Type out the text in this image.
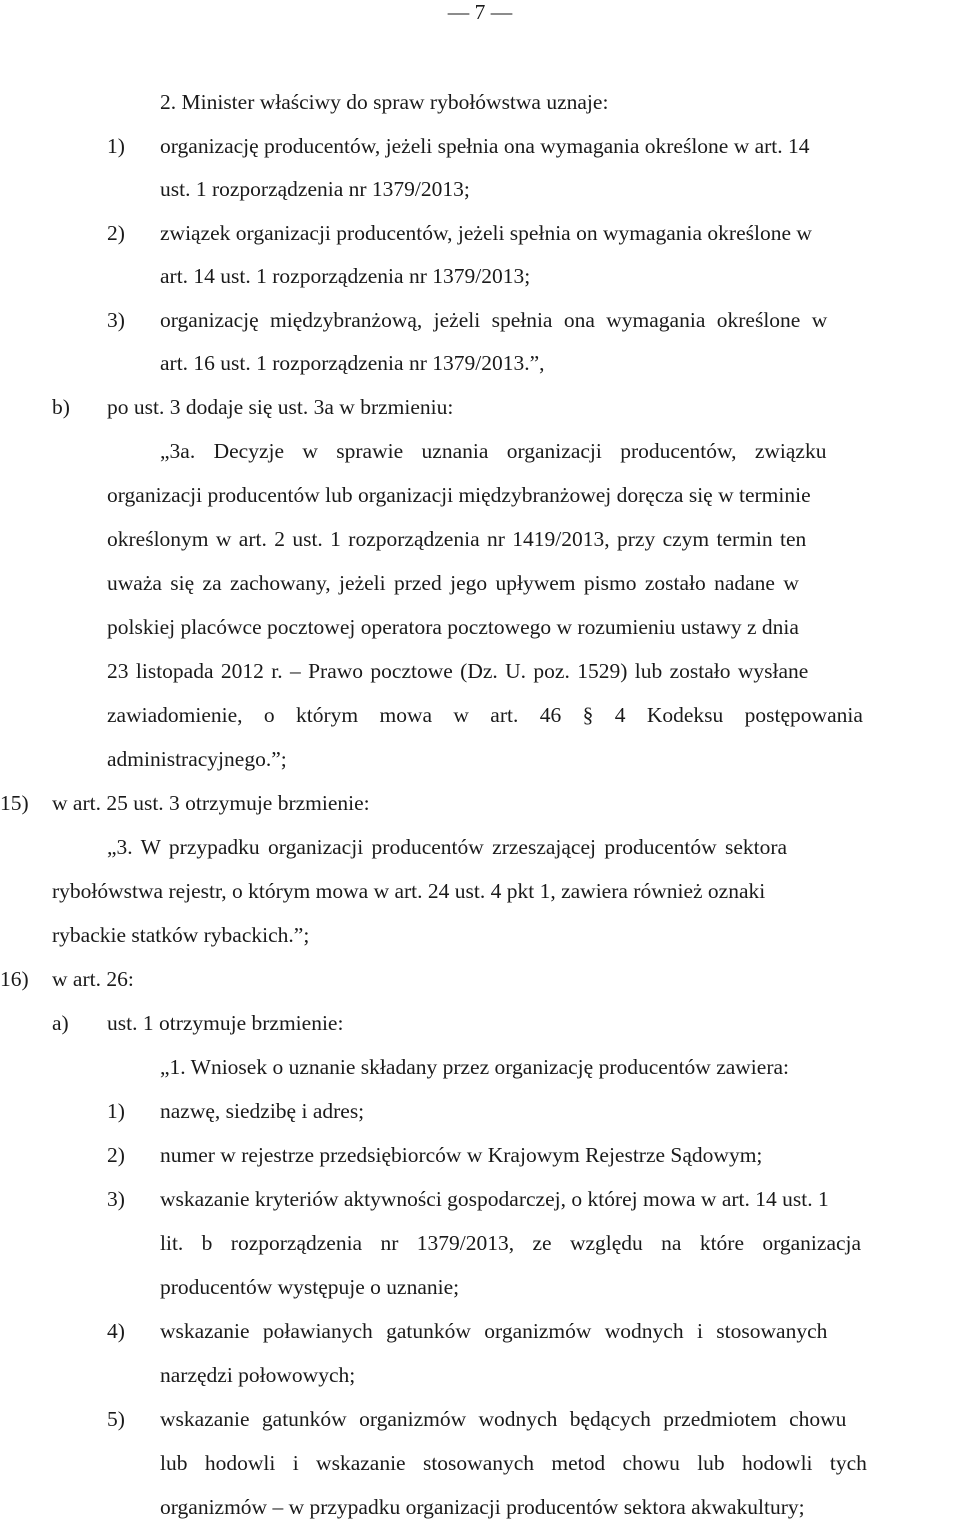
— 7 —
2. Minister właściwy do spraw rybołówstwa uznaje:
1) organizację producentów, jeżeli spełnia ona wymagania określone w art. 14
ust. 1 rozporządzenia nr 1379/2013;
2) związek organizacji producentów, jeżeli spełnia on wymagania określone w
art. 14 ust. 1 rozporządzenia nr 1379/2013;
3) organizację międzybranżową, jeżeli spełnia ona wymagania określone w
art. 16 ust. 1 rozporządzenia nr 1379/2013.”,
b) po ust. 3 dodaje się ust. 3a w brzmieniu:
„3a. Decyzje w sprawie uznania organizacji producentów, związku
organizacji producentów lub organizacji międzybranżowej doręcza się w terminie
określonym w art. 2 ust. 1 rozporządzenia nr 1419/2013, przy czym termin ten
uważa się za zachowany, jeżeli przed jego upływem pismo zostało nadane w
polskiej placówce pocztowej operatora pocztowego w rozumieniu ustawy z dnia
23 listopada 2012 r. – Prawo pocztowe (Dz. U. poz. 1529) lub zostało wysłane
zawiadomienie, o którym mowa w art. 46 § 4 Kodeksu postępowania
administracyjnego.”;
15) w art. 25 ust. 3 otrzymuje brzmienie:
„3. W przypadku organizacji producentów zrzeszającej producentów sektora
rybołówstwa rejestr, o którym mowa w art. 24 ust. 4 pkt 1, zawiera również oznaki
rybackie statków rybackich.”;
16) w art. 26:
a) ust. 1 otrzymuje brzmienie:
„1. Wniosek o uznanie składany przez organizację producentów zawiera:
1) nazwę, siedzibę i adres;
2) numer w rejestrze przedsiębiorców w Krajowym Rejestrze Sądowym;
3) wskazanie kryteriów aktywności gospodarczej, o której mowa w art. 14 ust. 1
lit. b rozporządzenia nr 1379/2013, ze względu na które organizacja
producentów występuje o uznanie;
4) wskazanie poławianych gatunków organizmów wodnych i stosowanych
narzędzi połowowych;
5) wskazanie gatunków organizmów wodnych będących przedmiotem chowu
lub hodowli i wskazanie stosowanych metod chowu lub hodowli tych
organizmów – w przypadku organizacji producentów sektora akwakultury;
